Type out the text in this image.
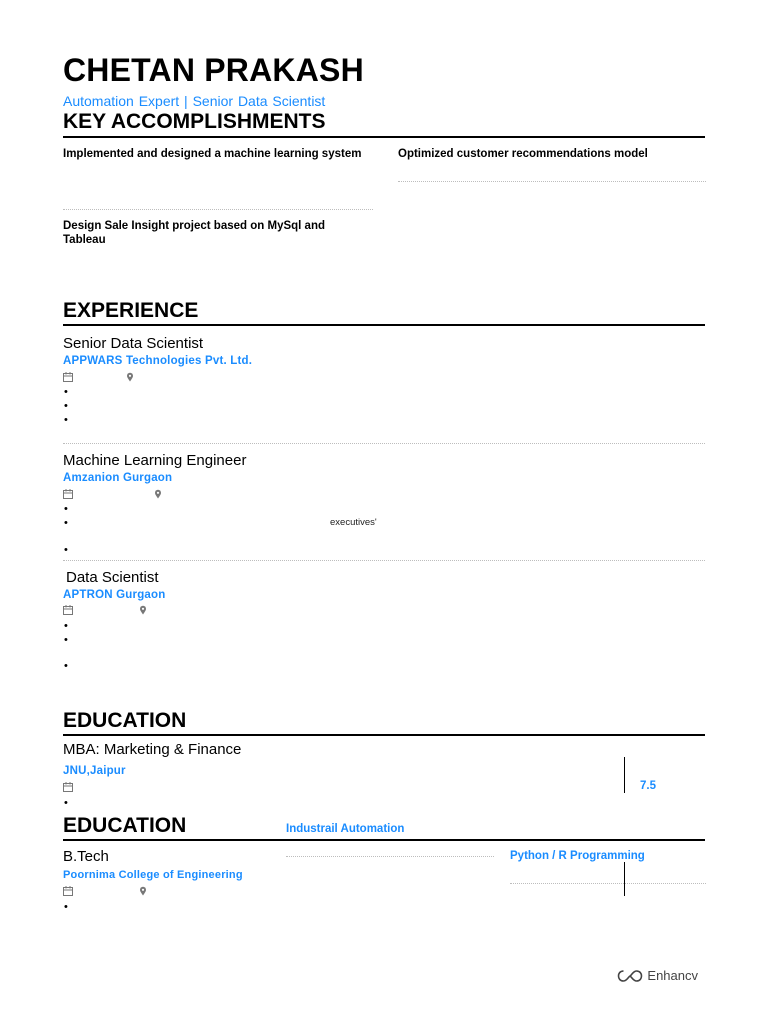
CHETAN PRAKASH
Automation Expert | Senior Data Scientist
KEY ACCOMPLISHMENTS
Implemented and designed a machine learning system	Optimized customer recommendations model
Design Sale Insight project based on MySql and Tableau
EXPERIENCE
Senior Data Scientist
APPWARS Technologies Pvt. Ltd.
•
•
•
Machine Learning Engineer
Amzanion Gurgaon
•
•	executives'
•
Data Scientist
APTRON Gurgaon
•
•
•
EDUCATION
MBA: Marketing & Finance
JNU,Jaipur
•
7.5
EDUCATION	Industrail Automation
Python / R Programming
B.Tech
Poornima College of Engineering
•
Enhancv
